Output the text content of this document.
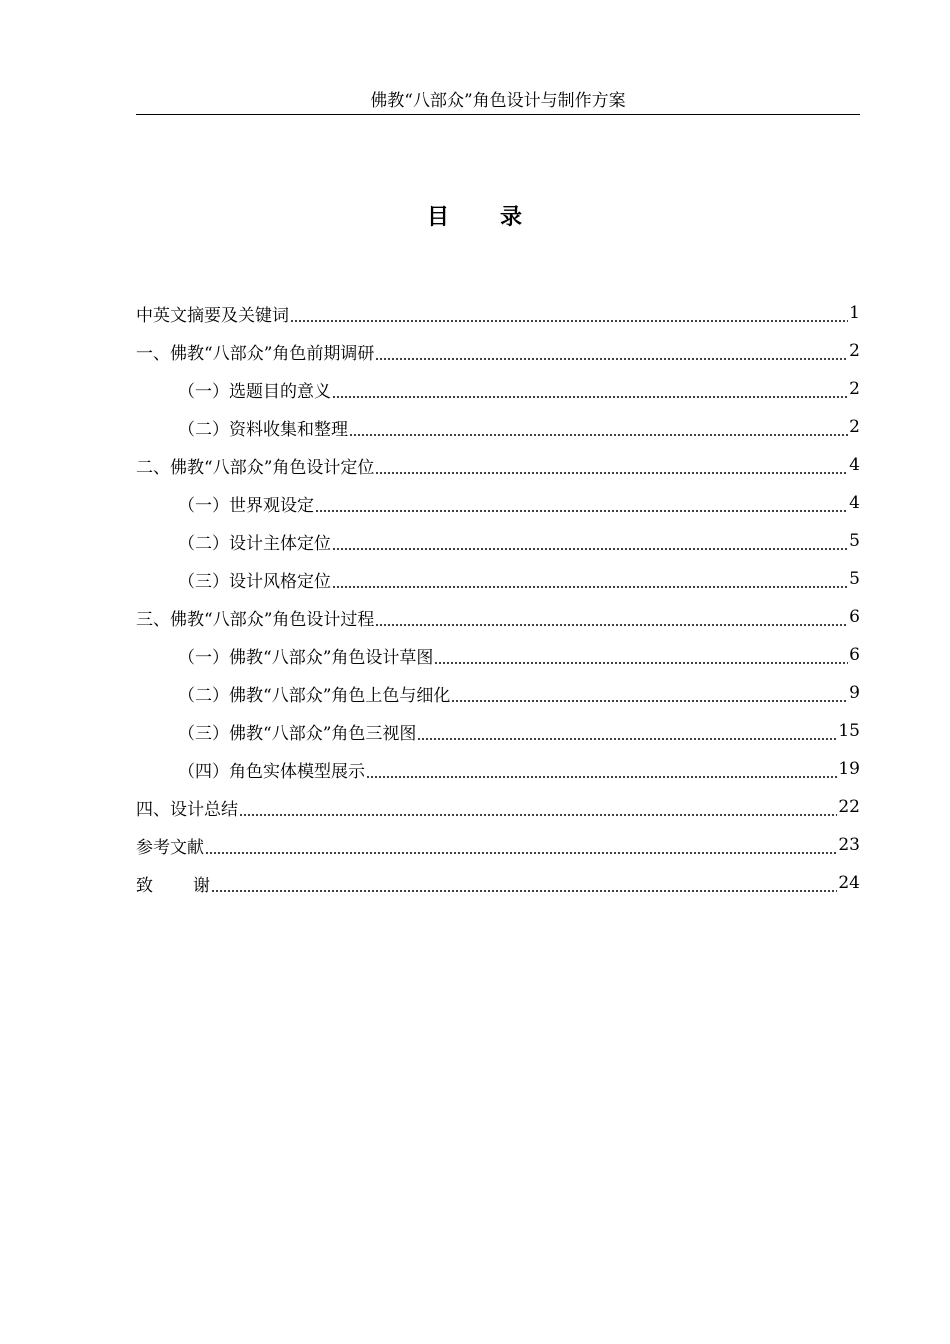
佛教“八部众”角色设计与制作方案
目 录
中英文摘要及关键词	1
一、佛教“八部众”角色前期调研	2
（一）选题目的意义	2
（二）资料收集和整理	2
二、佛教“八部众”角色设计定位	4
（一）世界观设定	4
（二）设计主体定位	5
（三）设计风格定位	5
三、佛教“八部众”角色设计过程	6
（一）佛教“八部众”角色设计草图	6
（二）佛教“八部众”角色上色与细化	9
（三）佛教“八部众”角色三视图	15
（四）角色实体模型展示	19
四、设计总结	22
参考文献	23
致 谢	24
